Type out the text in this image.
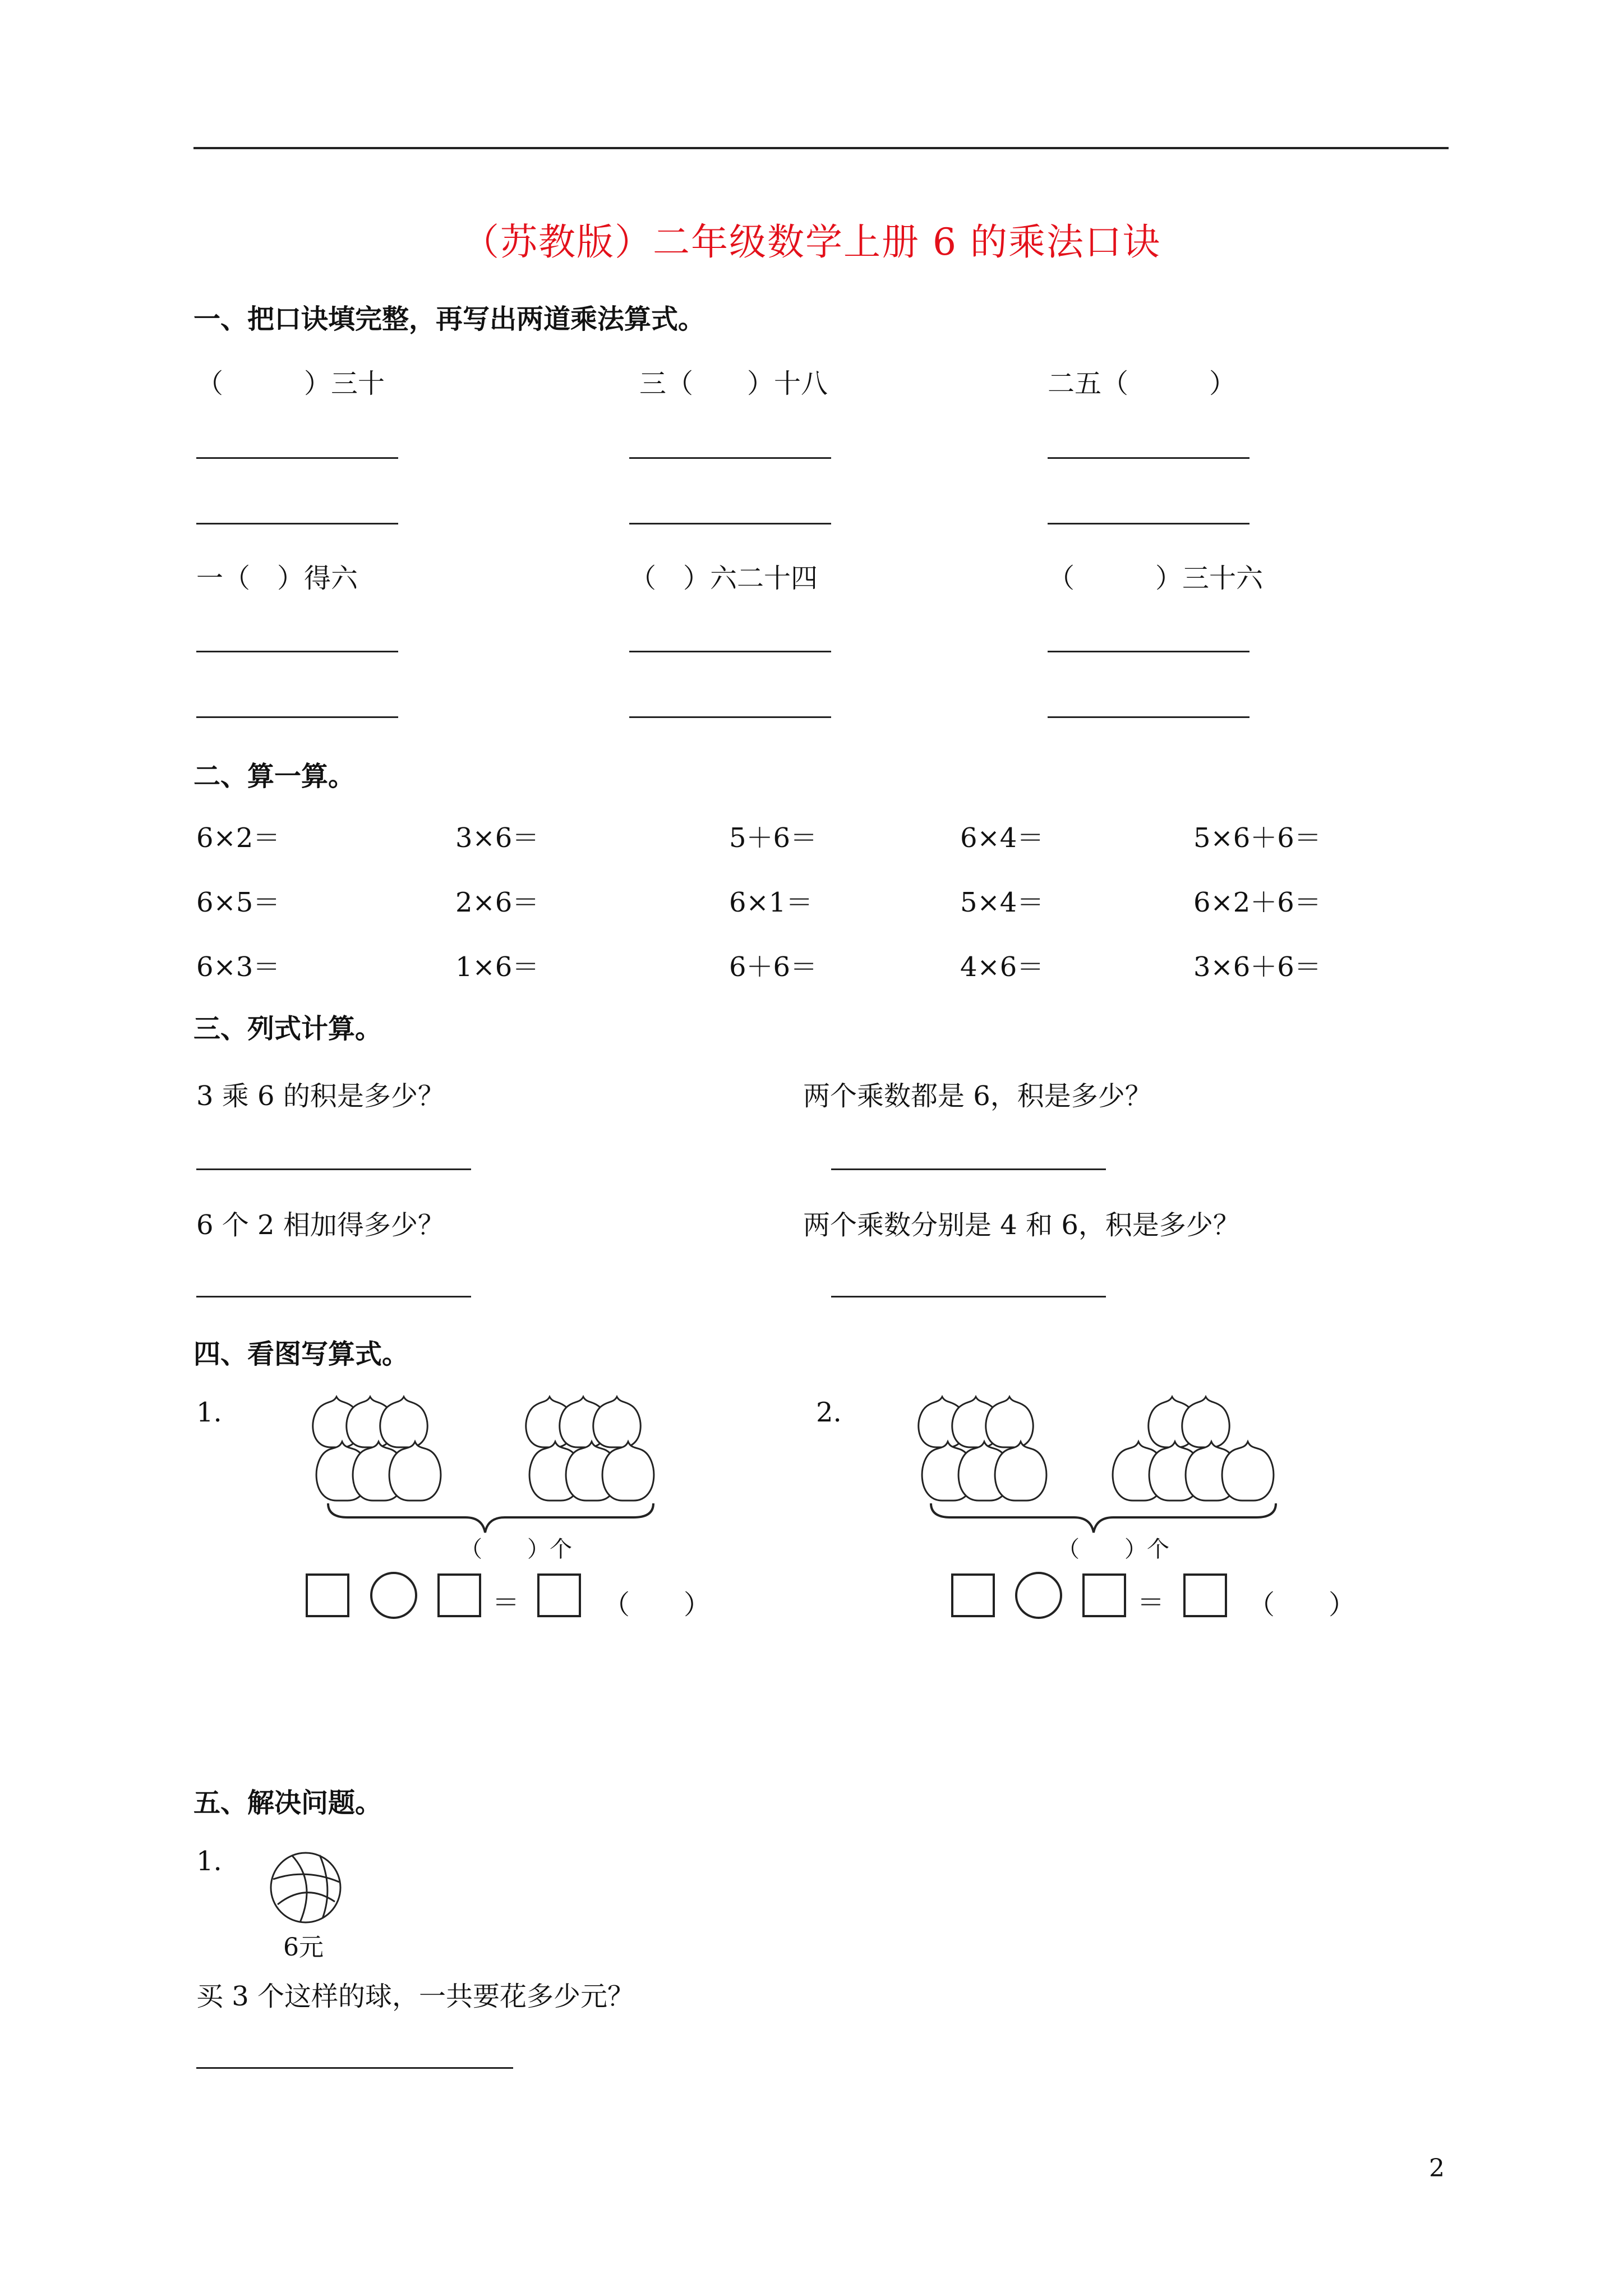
（苏教版）二年级数学上册 6 的乘法口诀
一、把口诀填完整，再写出两道乘法算式。
（　　　）三十	三（　　）十八	二五（　　　）
一（　）得六	（　）六二十四	（　　　）三十六
二、算一算。
6×2＝	3×6＝	5＋6＝	6×4＝	5×6＋6＝
6×5＝	2×6＝	6×1＝	5×4＝	6×2＋6＝
6×3＝	1×6＝	6＋6＝	4×6＝	3×6＋6＝
三、列式计算。
3 乘 6 的积是多少？	两个乘数都是 6，积是多少？
6 个 2 相加得多少？	两个乘数分别是 4 和 6，积是多少？
四、看图写算式。
1.	2.
（　　）个
＝	（　　）
（　　）个
＝	（　　）
五、解决问题。
1.
6元
买 3 个这样的球，一共要花多少元？
2
